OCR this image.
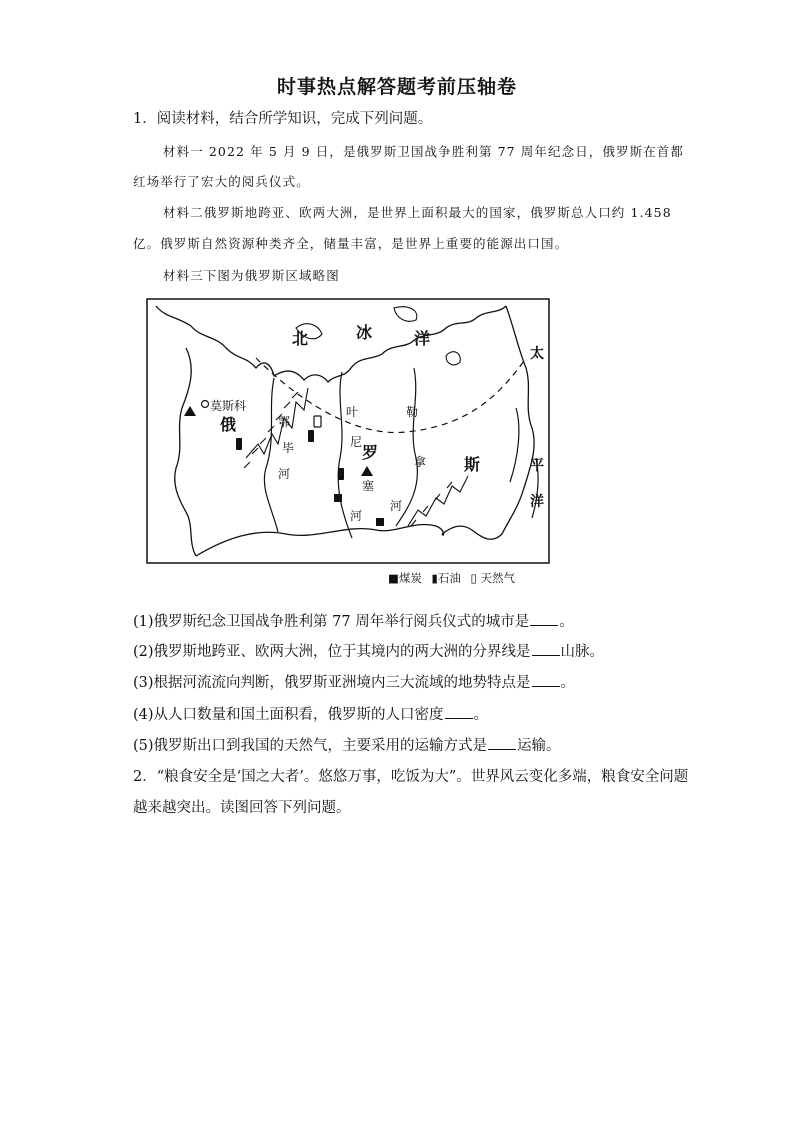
时事热点解答题考前压轴卷
1．阅读材料，结合所学知识，完成下列问题。
材料一 2022 年 5 月 9 日，是俄罗斯卫国战争胜利第 77 周年纪念日，俄罗斯在首都
红场举行了宏大的阅兵仪式。
材料二俄罗斯地跨亚、欧两大洲，是世界上面积最大的国家，俄罗斯总人口约 1.458
亿。俄罗斯自然资源种类齐全，储量丰富，是世界上重要的能源出口国。
材料三下图为俄罗斯区域略图
北	冰	洋
太
平
洋
莫斯科
俄
罗
斯
鄂
毕
河
叶
尼
塞
河
勒
拿
河
■煤炭 ▮石油 ▯ 天然气
(1)俄罗斯纪念卫国战争胜利第 77 周年举行阅兵仪式的城市是 。
(2)俄罗斯地跨亚、欧两大洲，位于其境内的两大洲的分界线是 山脉。
(3)根据河流流向判断，俄罗斯亚洲境内三大流域的地势特点是 。
(4)从人口数量和国土面积看，俄罗斯的人口密度 。
(5)俄罗斯出口到我国的天然气，主要采用的运输方式是 运输。
2．“粮食安全是‘国之大者’。悠悠万事，吃饭为大”。世界风云变化多端，粮食安全问题
越来越突出。读图回答下列问题。
